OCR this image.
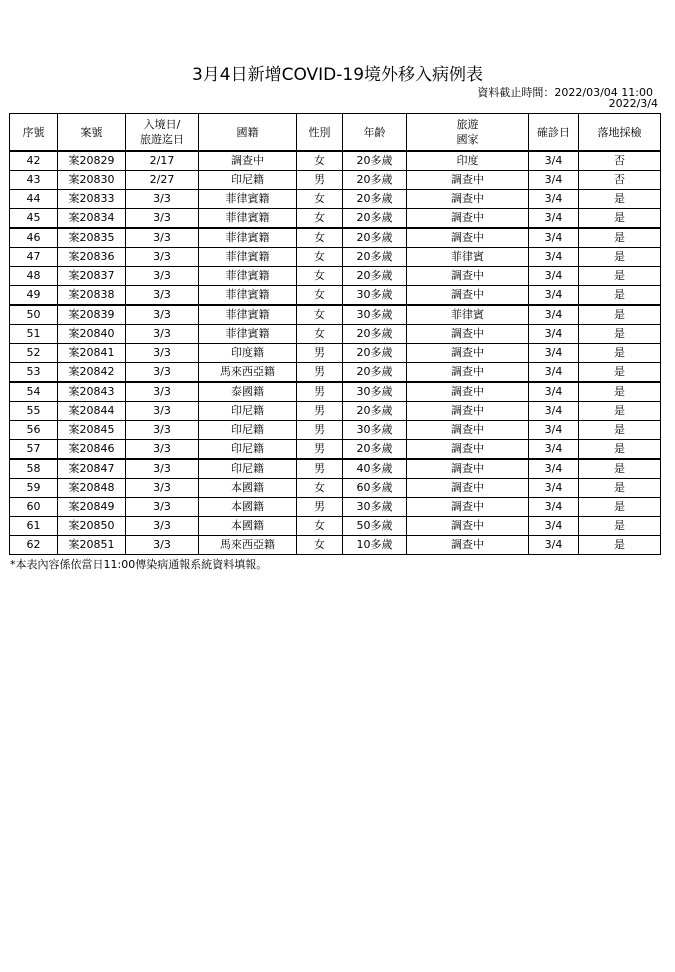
3月4日新增COVID-19境外移入病例表
資料截止時間：2022/03/04 11:00
2022/3/4
序號	案號	入境日/
旅遊迄日	國籍	性別	年齡	旅遊
國家	確診日	落地採檢
42	案20829	2/17	調查中	女	20多歲	印度	3/4	否
43	案20830	2/27	印尼籍	男	20多歲	調查中	3/4	否
44	案20833	3/3	菲律賓籍	女	20多歲	調查中	3/4	是
45	案20834	3/3	菲律賓籍	女	20多歲	調查中	3/4	是
46	案20835	3/3	菲律賓籍	女	20多歲	調查中	3/4	是
47	案20836	3/3	菲律賓籍	女	20多歲	菲律賓	3/4	是
48	案20837	3/3	菲律賓籍	女	20多歲	調查中	3/4	是
49	案20838	3/3	菲律賓籍	女	30多歲	調查中	3/4	是
50	案20839	3/3	菲律賓籍	女	30多歲	菲律賓	3/4	是
51	案20840	3/3	菲律賓籍	女	20多歲	調查中	3/4	是
52	案20841	3/3	印度籍	男	20多歲	調查中	3/4	是
53	案20842	3/3	馬來西亞籍	男	20多歲	調查中	3/4	是
54	案20843	3/3	泰國籍	男	30多歲	調查中	3/4	是
55	案20844	3/3	印尼籍	男	20多歲	調查中	3/4	是
56	案20845	3/3	印尼籍	男	30多歲	調查中	3/4	是
57	案20846	3/3	印尼籍	男	20多歲	調查中	3/4	是
58	案20847	3/3	印尼籍	男	40多歲	調查中	3/4	是
59	案20848	3/3	本國籍	女	60多歲	調查中	3/4	是
60	案20849	3/3	本國籍	男	30多歲	調查中	3/4	是
61	案20850	3/3	本國籍	女	50多歲	調查中	3/4	是
62	案20851	3/3	馬來西亞籍	女	10多歲	調查中	3/4	是
*本表內容係依當日11:00傳染病通報系統資料填報。
